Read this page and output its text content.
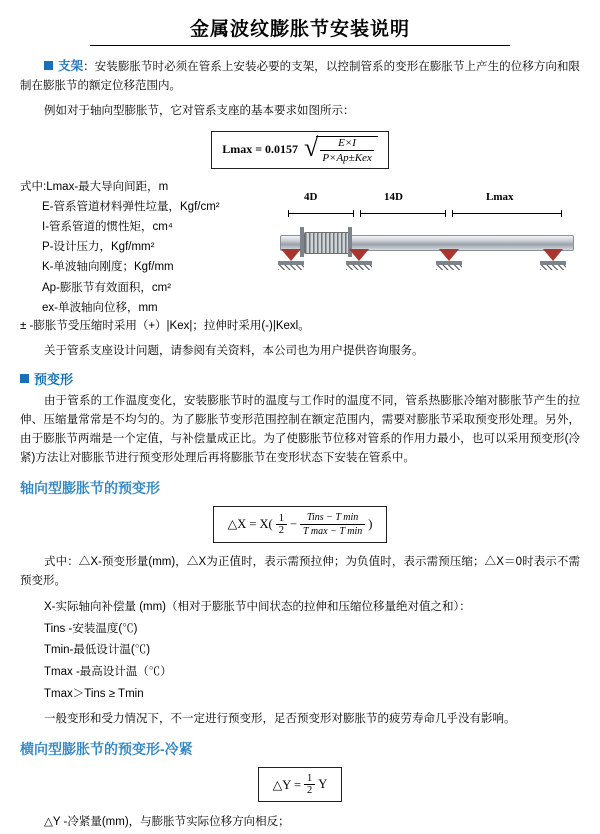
金属波纹膨胀节安装说明

支架：安装膨胀节时必须在管系上安装必要的支架，以控制管系的变形在膨胀节上产生的位移方向和限制在膨胀节的额定位移范围内。

例如对于轴向型膨胀节，它对管系支座的基本要求如图所示：

Lmax = 0.0157 √
$\frac{E\times I}{\text{P×Ap±Kex}}$
式中:Lmax-最大导向间距，m
E-管系管道材料弹性垃量，Kgf/cm²
I-管系管道的惯性矩，cm⁴
P-设计压力，Kgf/mm²
K-单波轴向刚度；Kgf/mm
Ap-膨胀节有效面积，cm²
ex-单波轴向位移，mm
4D	14D	Lmax
± -膨胀节受压缩时采用（+）|Kex|；拉伸时采用(-)|Kexl。

关于管系支座设计问题，请参阅有关资料，本公司也为用户提供咨询服务。

预变形

由于管系的工作温度变化，安装膨胀节时的温度与工作时的温度不同，管系热膨胀冷缩对膨胀节产生的拉伸、压缩量常常是不均匀的。为了膨胀节变形范围控制在额定范围内，需要对膨胀节采取预变形处理。另外，由于膨胀节两端是一个定值，与补偿量成正比。为了使膨胀节位移对管系的作用力最小，也可以采用预变形(冷紧)方法让对膨胀节进行预变形处理后再将膨胀节在变形状态下安装在管系中。

轴向型膨胀节的预变形
△X = $X( \frac{1}{2}$ − Tins − T min
T max − T min
)

式中：△X-预变形量(mm)，△X为正值时，表示需预拉伸；为负值时，表示需预压缩；△X＝0时表示不需预变形。

X-实际轴向补偿量 (mm)（相对于膨胀节中间状态的拉伸和压缩位移量绝对值之和）：
Tins -安装温度(℃)
Tmin-最低设计温(℃)
Tmax -最高设计温（℃）
Tmax＞Tins ≥ Tmin

一般变形和受力情况下，不一定进行预变形，足否预变形对膨胀节的疲劳寿命几乎没有影响。

横向型膨胀节的预变形-冷紧
△Y = $\frac{1}{2}$ Y
△Y -冷紧量(mm)，与膨胀节实际位移方向相反；
